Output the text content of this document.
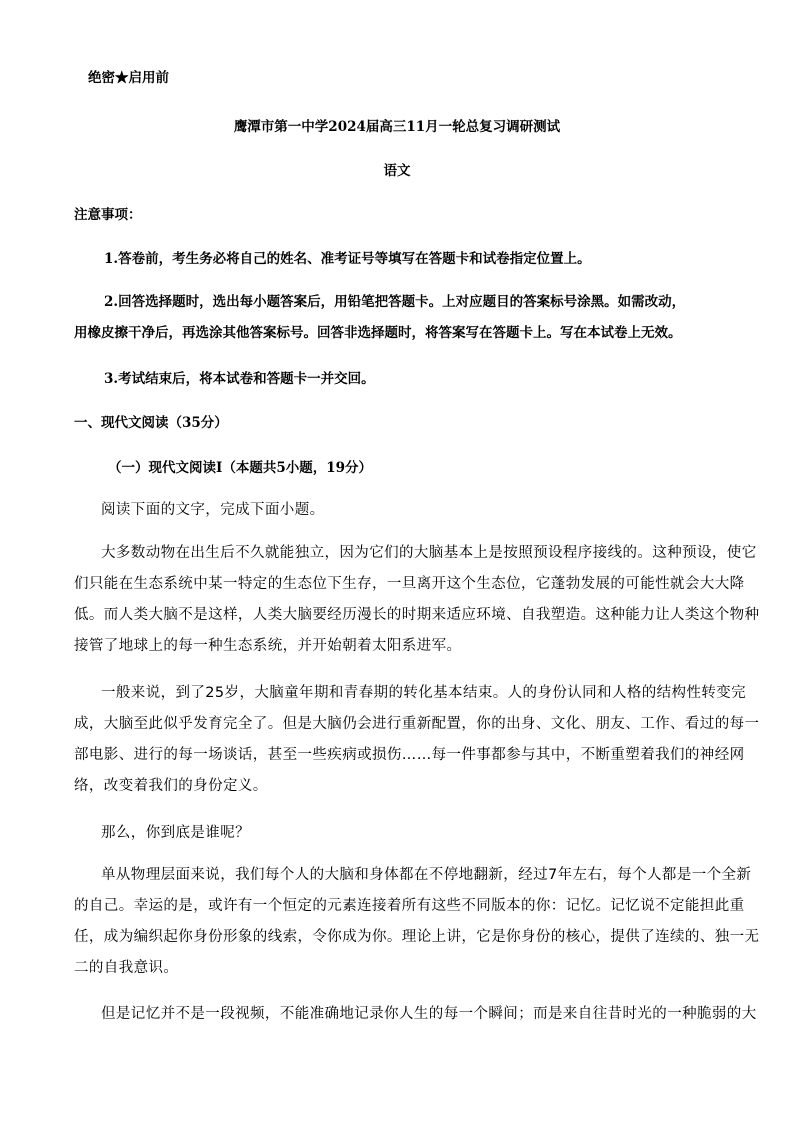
绝密★启用前
鹰潭市第一中学2024届高三11月一轮总复习调研测试
语文
注意事项：
1.答卷前，考生务必将自己的姓名、准考证号等填写在答题卡和试卷指定位置上。
2.回答选择题时，选出每小题答案后，用铅笔把答题卡。上对应题目的答案标号涂黑。如需改动，
用橡皮擦干净后，再选涂其他答案标号。回答非选择题时，将答案写在答题卡上。写在本试卷上无效。
3.考试结束后，将本试卷和答题卡一并交回。
一、现代文阅读（35分）
（一）现代文阅读I（本题共5小题，19分）
阅读下面的文字，完成下面小题。
大多数动物在出生后不久就能独立，因为它们的大脑基本上是按照预设程序接线的。这种预设，使它
们只能在生态系统中某一特定的生态位下生存，一旦离开这个生态位，它蓬勃发展的可能性就会大大降
低。而人类大脑不是这样，人类大脑要经历漫长的时期来适应环境、自我塑造。这种能力让人类这个物种
接管了地球上的每一种生态系统，并开始朝着太阳系进军。
一般来说，到了25岁，大脑童年期和青春期的转化基本结束。人的身份认同和人格的结构性转变完
成，大脑至此似乎发育完全了。但是大脑仍会进行重新配置，你的出身、文化、朋友、工作、看过的每一
部电影、进行的每一场谈话，甚至一些疾病或损伤……每一件事都参与其中，不断重塑着我们的神经网
络，改变着我们的身份定义。
那么，你到底是谁呢？
单从物理层面来说，我们每个人的大脑和身体都在不停地翻新，经过7年左右，每个人都是一个全新
的自己。幸运的是，或许有一个恒定的元素连接着所有这些不同版本的你：记忆。记忆说不定能担此重
任，成为编织起你身份形象的线索，令你成为你。理论上讲，它是你身份的核心，提供了连续的、独一无
二的自我意识。
但是记忆并不是一段视频，不能准确地记录你人生的每一个瞬间；而是来自往昔时光的一种脆弱的大
